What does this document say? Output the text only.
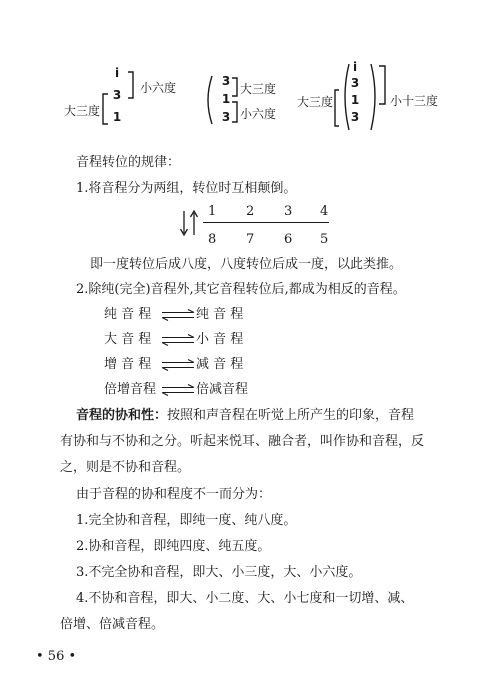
大三度
i
3
1
小六度	3
1
3
大三度
小六度
大三度
i
3
1
3
小十三度
音程转位的规律：
1.将音程分为两组，转位时互相颠倒。
1 2 3 4
8 7 6 5
即一度转位后成八度，八度转位后成一度，以此类推。
2.除纯(完全)音程外,其它音程转位后,都成为相反的音程。
纯 音 程	纯 音 程
大 音 程	小 音 程
增 音 程	减 音 程
倍增音程	倍减音程
音程的协和性：按照和声音程在听觉上所产生的印象，音程
有协和与不协和之分。听起来悦耳、融合者，叫作协和音程，反
之，则是不协和音程。
由于音程的协和程度不一而分为：
1.完全协和音程，即纯一度、纯八度。
2.协和音程，即纯四度、纯五度。
3.不完全协和音程，即大、小三度，大、小六度。
4.不协和音程，即大、小二度、大、小七度和一切增、减、
倍增、倍减音程。
• 56 •
